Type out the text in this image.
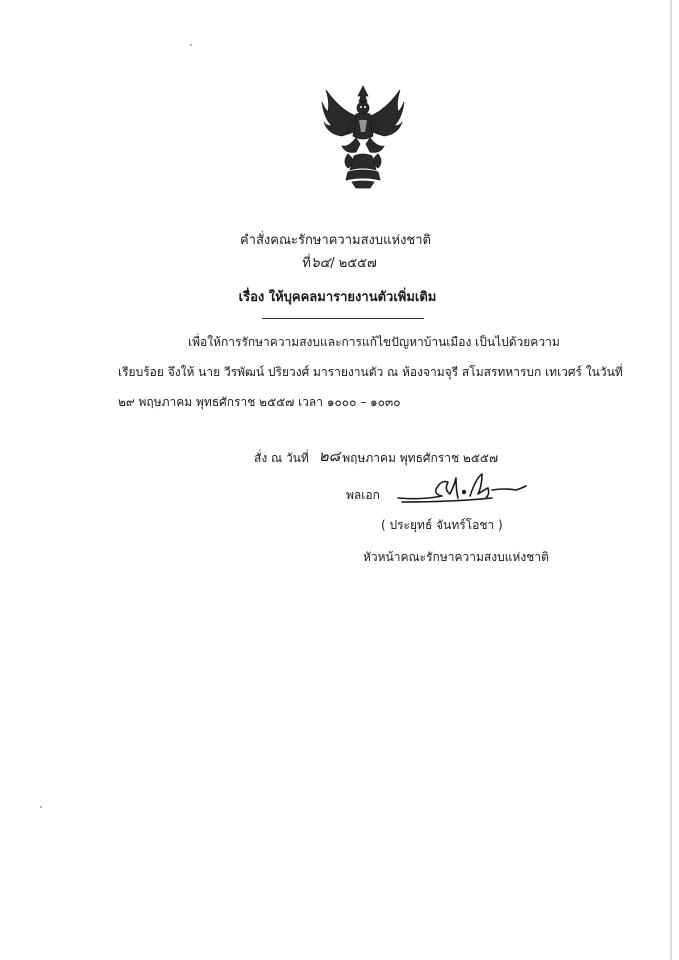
คำสั่งคณะรักษาความสงบแห่งชาติ
ที่๖๔/ ๒๕๕๗
เรื่อง ให้บุคคลมารายงานตัวเพิ่มเติม
เพื่อให้การรักษาความสงบและการแก้ไขปัญหาบ้านเมือง เป็นไปด้วยความ
เรียบร้อย จึงให้ นาย วีรพัฒน์ ปริยวงศ์ มารายงานตัว ณ ห้องจามจุรี สโมสรทหารบก เทเวศร์ ในวันที่
๒๙ พฤษภาคม พุทธศักราช ๒๕๕๗ เวลา ๑๐๐๐ – ๑๐๓๐
สั่ง ณ วันที่ ๒๘ พฤษภาคม พุทธศักราช ๒๕๕๗
พลเอก
( ประยุทธ์ จันทร์โอชา )
หัวหน้าคณะรักษาความสงบแห่งชาติ
